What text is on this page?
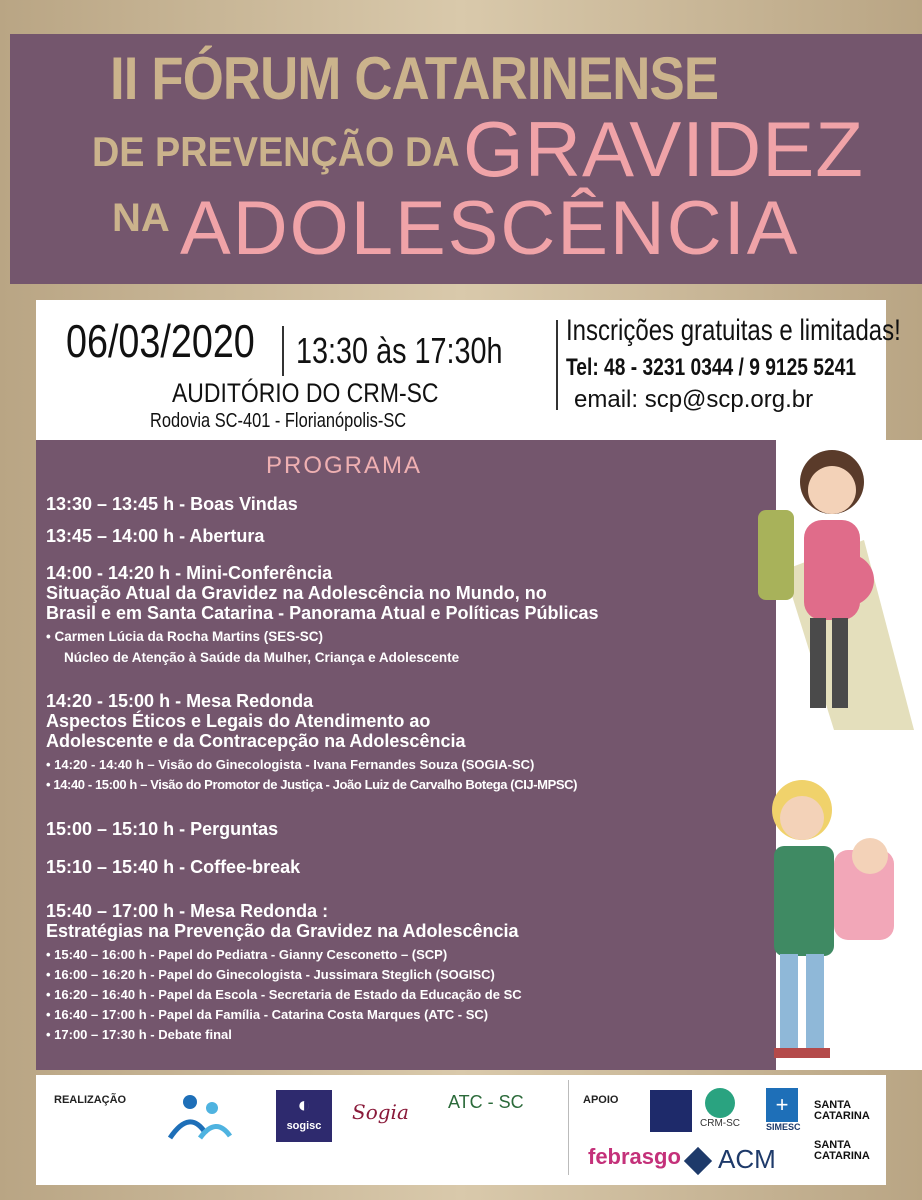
II FÓRUM CATARINENSE
DE PREVENÇÃO DA GRAVIDEZ
NA ADOLESCÊNCIA
06/03/2020 13:30 às 17:30h
AUDITÓRIO DO CRM-SC
Rodovia SC-401 - Florianópolis-SC
Inscrições gratuitas e limitadas!
Tel: 48 - 3231 0344 / 9 9125 5241
email: scp@scp.org.br
PROGRAMA
13:30 – 13:45 h - Boas Vindas
13:45 – 14:00 h - Abertura
14:00 - 14:20 h - Mini-Conferência
Situação Atual da Gravidez na Adolescência no Mundo, no
Brasil e em Santa Catarina - Panorama Atual e Políticas Públicas
• Carmen Lúcia da Rocha Martins (SES-SC)
Núcleo de Atenção à Saúde da Mulher, Criança e Adolescente
14:20 - 15:00 h - Mesa Redonda
Aspectos Éticos e Legais do Atendimento ao
Adolescente e da Contracepção na Adolescência
• 14:20 - 14:40 h – Visão do Ginecologista - Ivana Fernandes Souza (SOGIA-SC)
• 14:40 - 15:00 h – Visão do Promotor de Justiça - João Luiz de Carvalho Botega (CIJ-MPSC)
15:00 – 15:10 h - Perguntas
15:10 – 15:40 h - Coffee-break
15:40 – 17:00 h - Mesa Redonda :
Estratégias na Prevenção da Gravidez na Adolescência
• 15:40 – 16:00 h - Papel do Pediatra - Gianny Cesconetto – (SCP)
• 16:00 – 16:20 h - Papel do Ginecologista - Jussimara Steglich (SOGISC)
• 16:20 – 16:40 h - Papel da Escola - Secretaria de Estado da Educação de SC
• 16:40 – 17:00 h - Papel da Família - Catarina Costa Marques (ATC - SC)
• 17:00 – 17:30 h - Debate final
REALIZAÇÃO	APOIO
◐
sogisc
Sogia ATC - SC
CRM-SC
+
SIMESC
SANTA CATARINA
febrasgo	ACM	SANTA CATARINA
